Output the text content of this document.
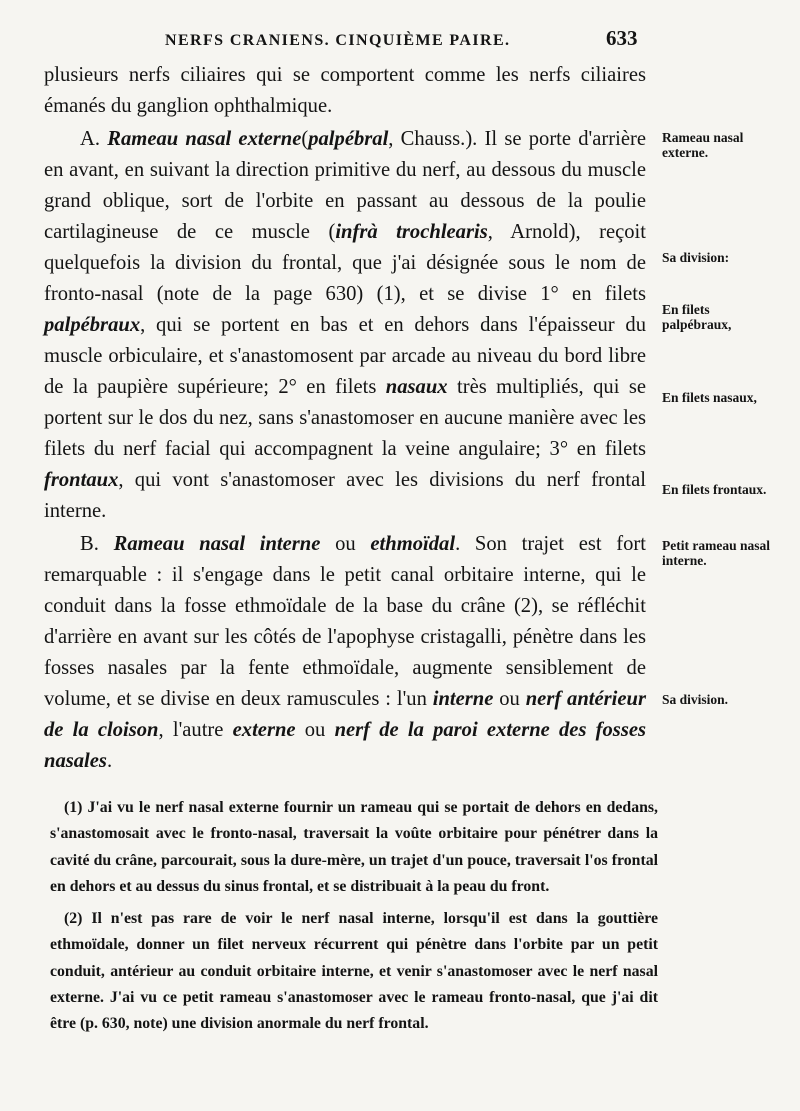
NERFS CRANIENS. CINQUIÈME PAIRE.	633

plusieurs nerfs ciliaires qui se comportent comme les nerfs ciliaires émanés du ganglion ophthalmique.

A. Rameau nasal externe(palpébral, Chauss.). Il se porte d'arrière en avant, en suivant la direction primitive du nerf, au dessous du muscle grand oblique, sort de l'orbite en passant au dessous de la poulie cartilagineuse de ce muscle (infrà trochlearis, Arnold), reçoit quelquefois la division du frontal, que j'ai désignée sous le nom de fronto-nasal (note de la page 630) (1), et se divise 1° en filets palpébraux, qui se portent en bas et en dehors dans l'épaisseur du muscle orbiculaire, et s'anastomosent par arcade au niveau du bord libre de la paupière supérieure; 2° en filets nasaux très multipliés, qui se portent sur le dos du nez, sans s'anastomoser en aucune manière avec les filets du nerf facial qui accompagnent la veine angulaire; 3° en filets frontaux, qui vont s'anastomoser avec les divisions du nerf frontal interne.

B. Rameau nasal interne ou ethmoïdal. Son trajet est fort remarquable : il s'engage dans le petit canal orbitaire interne, qui le conduit dans la fosse ethmoïdale de la base du crâne (2), se réfléchit d'arrière en avant sur les côtés de l'apophyse cristagalli, pénètre dans les fosses nasales par la fente ethmoïdale, augmente sensiblement de volume, et se divise en deux ramuscules : l'un interne ou nerf antérieur de la cloison, l'autre externe ou nerf de la paroi externe des fosses nasales.

Rameau nasal externe.
Sa division:
En filets palpébraux,
En filets nasaux,
En filets frontaux.
Petit rameau nasal interne.
Sa division.

(1) J'ai vu le nerf nasal externe fournir un rameau qui se portait de dehors en dedans, s'anastomosait avec le fronto-nasal, traversait la voûte orbitaire pour pénétrer dans la cavité du crâne, parcourait, sous la dure-mère, un trajet d'un pouce, traversait l'os frontal en dehors et au dessus du sinus frontal, et se distribuait à la peau du front.

(2) Il n'est pas rare de voir le nerf nasal interne, lorsqu'il est dans la gouttière ethmoïdale, donner un filet nerveux récurrent qui pénètre dans l'orbite par un petit conduit, antérieur au conduit orbitaire interne, et venir s'anastomoser avec le nerf nasal externe. J'ai vu ce petit rameau s'anastomoser avec le rameau fronto-nasal, que j'ai dit être (p. 630, note) une division anormale du nerf frontal.
